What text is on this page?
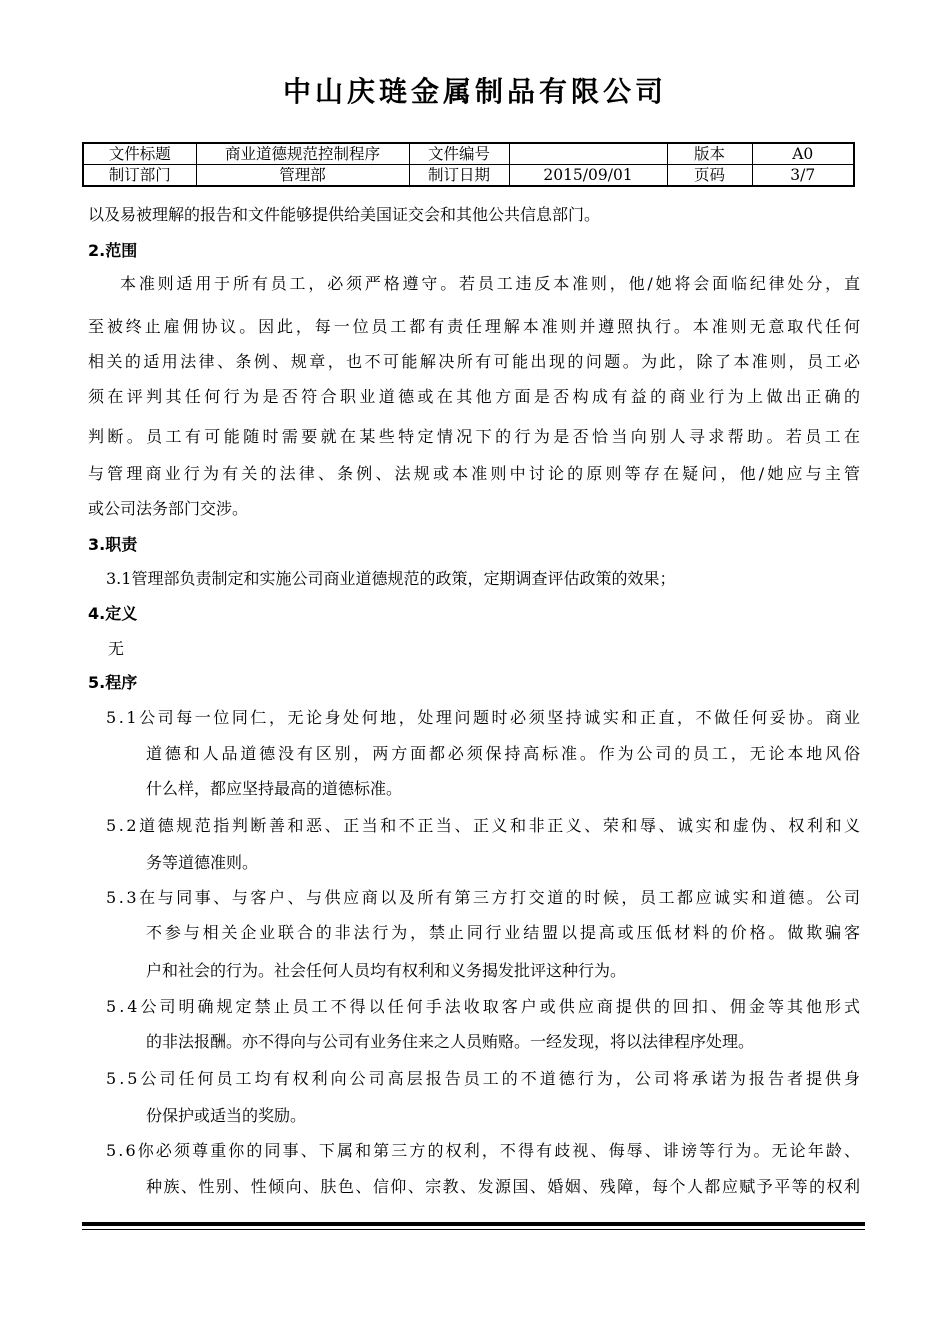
中山庆琏金属制品有限公司
文件标题	商业道德规范控制程序	文件编号		版本	A0
制订部门	管理部	制订日期	2015/09/01	页码	3/7
以及易被理解的报告和文件能够提供给美国证交会和其他公共信息部门。
2.范围
本准则适用于所有员工，必须严格遵守。若员工违反本准则，他/她将会面临纪律处分，直
至被终止雇佣协议。因此，每一位员工都有责任理解本准则并遵照执行。本准则无意取代任何
相关的适用法律、条例、规章，也不可能解决所有可能出现的问题。为此，除了本准则，员工必
须在评判其任何行为是否符合职业道德或在其他方面是否构成有益的商业行为上做出正确的
判断。员工有可能随时需要就在某些特定情况下的行为是否恰当向别人寻求帮助。若员工在
与管理商业行为有关的法律、条例、法规或本准则中讨论的原则等存在疑问，他/她应与主管
或公司法务部门交涉。
3.职责
3.1管理部负责制定和实施公司商业道德规范的政策，定期调查评估政策的效果；
4.定义
无
5.程序
5.1公司每一位同仁，无论身处何地，处理问题时必须坚持诚实和正直，不做任何妥协。商业
道德和人品道德没有区别，两方面都必须保持高标准。作为公司的员工，无论本地风俗
什么样，都应坚持最高的道德标准。
5.2道德规范指判断善和恶、正当和不正当、正义和非正义、荣和辱、诚实和虚伪、权利和义
务等道德准则。
5.3在与同事、与客户、与供应商以及所有第三方打交道的时候，员工都应诚实和道德。公司
不参与相关企业联合的非法行为，禁止同行业结盟以提高或压低材料的价格。做欺骗客
户和社会的行为。社会任何人员均有权利和义务揭发批评这种行为。
5.4公司明确规定禁止员工不得以任何手法收取客户或供应商提供的回扣、佣金等其他形式
的非法报酬。亦不得向与公司有业务住来之人员贿赂。一经发现，将以法律程序处理。
5.5公司任何员工均有权利向公司高层报告员工的不道德行为，公司将承诺为报告者提供身
份保护或适当的奖励。
5.6你必须尊重你的同事、下属和第三方的权利，不得有歧视、侮辱、诽谤等行为。无论年龄、
种族、性别、性倾向、肤色、信仰、宗教、发源国、婚姻、残障，每个人都应赋予平等的权利
